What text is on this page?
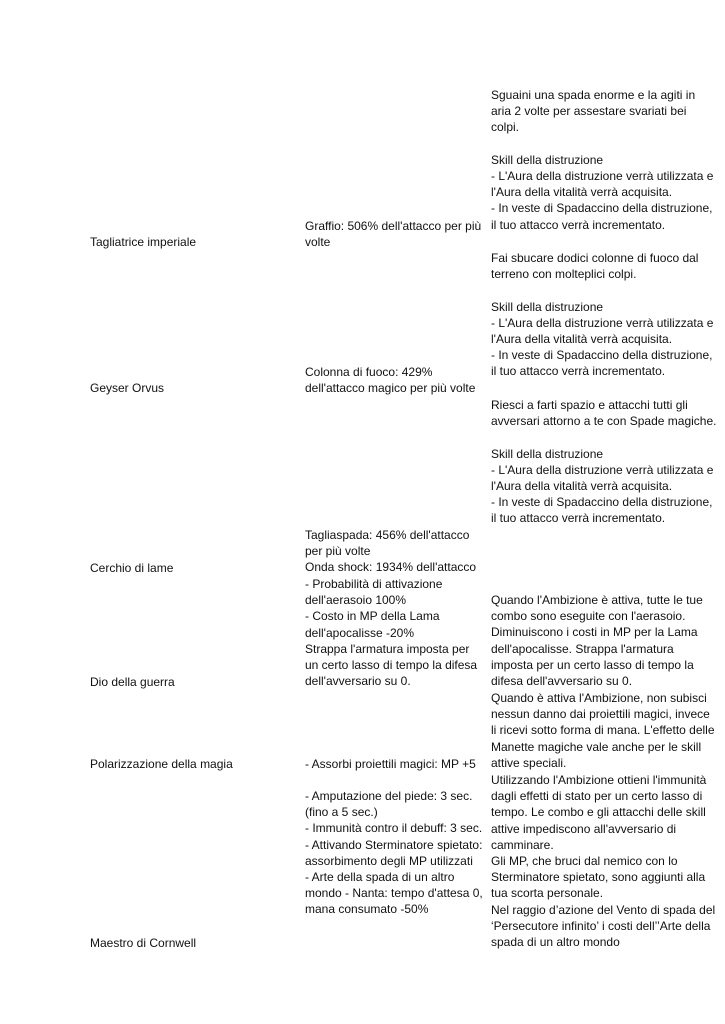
Tagliatrice imperiale
Graffio: 506% dell'attacco per più volte
Sguaini una spada enorme e la agiti in aria 2 volte per assestare svariati bei colpi.

Skill della distruzione
- L'Aura della distruzione verrà utilizzata e l'Aura della vitalità verrà acquisita.
- In veste di Spadaccino della distruzione, il tuo attacco verrà incrementato.
Geyser Orvus
Colonna di fuoco: 429% dell'attacco magico per più volte
Fai sbucare dodici colonne di fuoco dal terreno con molteplici colpi.

Skill della distruzione
- L'Aura della distruzione verrà utilizzata e l'Aura della vitalità verrà acquisita.
- In veste di Spadaccino della distruzione, il tuo attacco verrà incrementato.
Cerchio di lame
Tagliaspada: 456% dell'attacco per più volte
Onda shock: 1934% dell'attacco
Riesci a farti spazio e attacchi tutti gli avversari attorno a te con Spade magiche.

Skill della distruzione
- L'Aura della distruzione verrà utilizzata e l'Aura della vitalità verrà acquisita.
- In veste di Spadaccino della distruzione, il tuo attacco verrà incrementato.
Dio della guerra
- Probabilità di attivazione dell'aerasoio 100%
- Costo in MP della Lama dell'apocalisse -20%
Strappa l'armatura imposta per un certo lasso di tempo la difesa dell'avversario su 0.
Quando l'Ambizione è attiva, tutte le tue combo sono eseguite con l'aerasoio. Diminuiscono i costi in MP per la Lama dell'apocalisse. Strappa l'armatura imposta per un certo lasso di tempo la difesa dell'avversario su 0.
Polarizzazione della magia	- Assorbi proiettili magici: MP +5
Quando è attiva l'Ambizione, non subisci nessun danno dai proiettili magici, invece li ricevi sotto forma di mana. L'effetto delle Manette magiche vale anche per le skill attive speciali.
Maestro di Cornwell
- Amputazione del piede: 3 sec. (fino a 5 sec.)
- Immunità contro il debuff: 3 sec.
- Attivando Sterminatore spietato: assorbimento degli MP utilizzati
- Arte della spada di un altro mondo - Nanta: tempo d'attesa 0, mana consumato -50%
Utilizzando l'Ambizione ottieni l'immunità dagli effetti di stato per un certo lasso di tempo. Le combo e gli attacchi delle skill attive impediscono all'avversario di camminare.
Gli MP, che bruci dal nemico con lo Sterminatore spietato, sono aggiunti alla tua scorta personale.
Nel raggio d’azione del Vento di spada del ‘Persecutore infinito’ i costi dell’’Arte della spada di un altro mondo
